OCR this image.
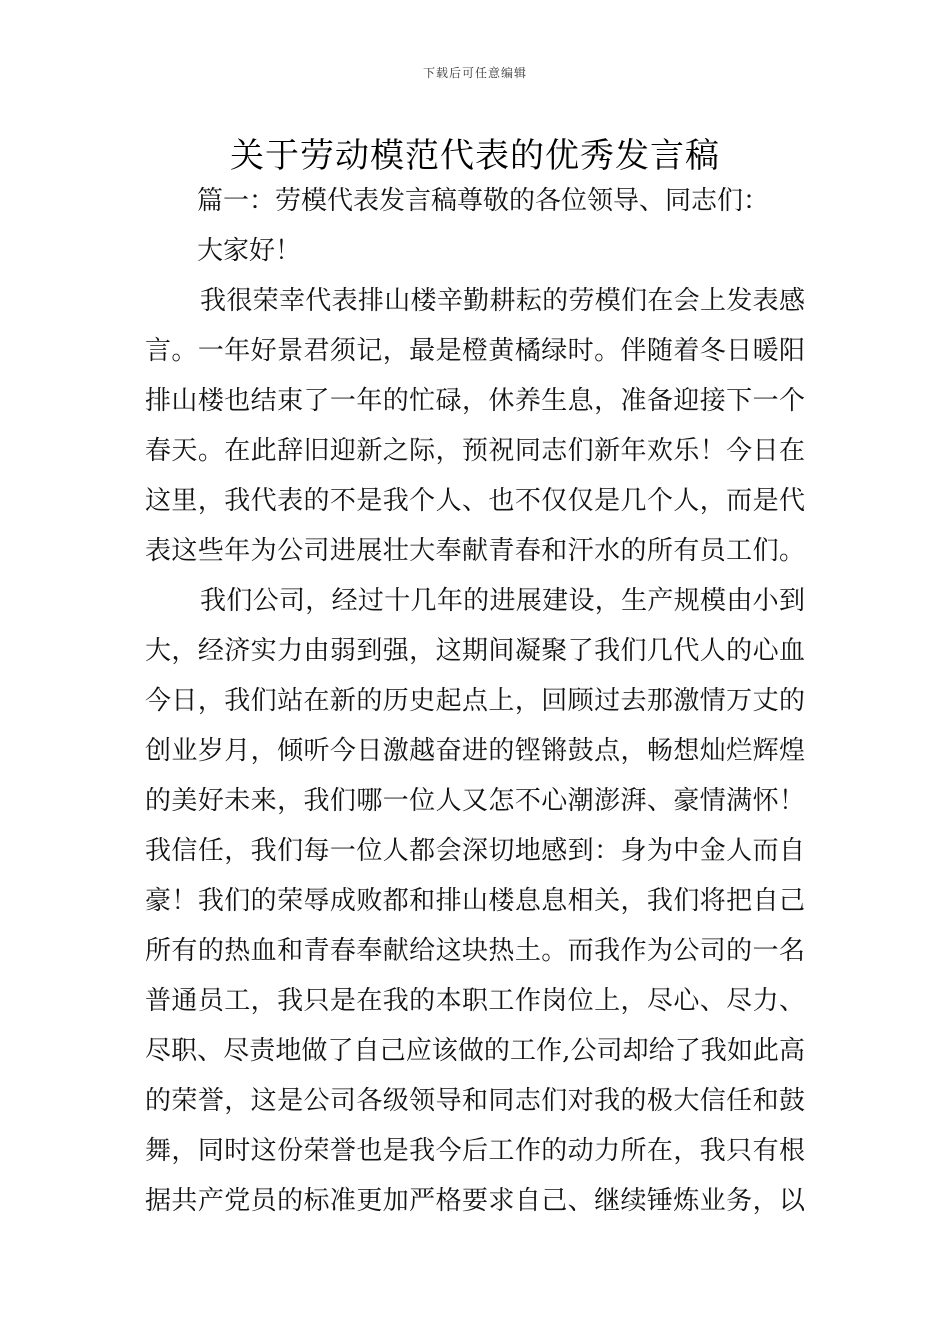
下载后可任意编辑
关于劳动模范代表的优秀发言稿
篇一：劳模代表发言稿尊敬的各位领导、同志们：
大家好！
我很荣幸代表排山楼辛勤耕耘的劳模们在会上发表感
言。一年好景君须记，最是橙黄橘绿时。伴随着冬日暖阳
排山楼也结束了一年的忙碌，休养生息，准备迎接下一个
春天。在此辞旧迎新之际，预祝同志们新年欢乐！今日在
这里，我代表的不是我个人、也不仅仅是几个人，而是代
表这些年为公司进展壮大奉献青春和汗水的所有员工们。
我们公司，经过十几年的进展建设，生产规模由小到
大，经济实力由弱到强，这期间凝聚了我们几代人的心血
今日，我们站在新的历史起点上，回顾过去那激情万丈的
创业岁月，倾听今日激越奋进的铿锵鼓点，畅想灿烂辉煌
的美好未来，我们哪一位人又怎不心潮澎湃、豪情满怀！
我信任，我们每一位人都会深切地感到：身为中金人而自
豪！我们的荣辱成败都和排山楼息息相关，我们将把自己
所有的热血和青春奉献给这块热土。而我作为公司的一名
普通员工，我只是在我的本职工作岗位上，尽心、尽力、
尽职、尽责地做了自己应该做的工作,公司却给了我如此高
的荣誉，这是公司各级领导和同志们对我的极大信任和鼓
舞，同时这份荣誉也是我今后工作的动力所在，我只有根
据共产党员的标准更加严格要求自己、继续锤炼业务，以
